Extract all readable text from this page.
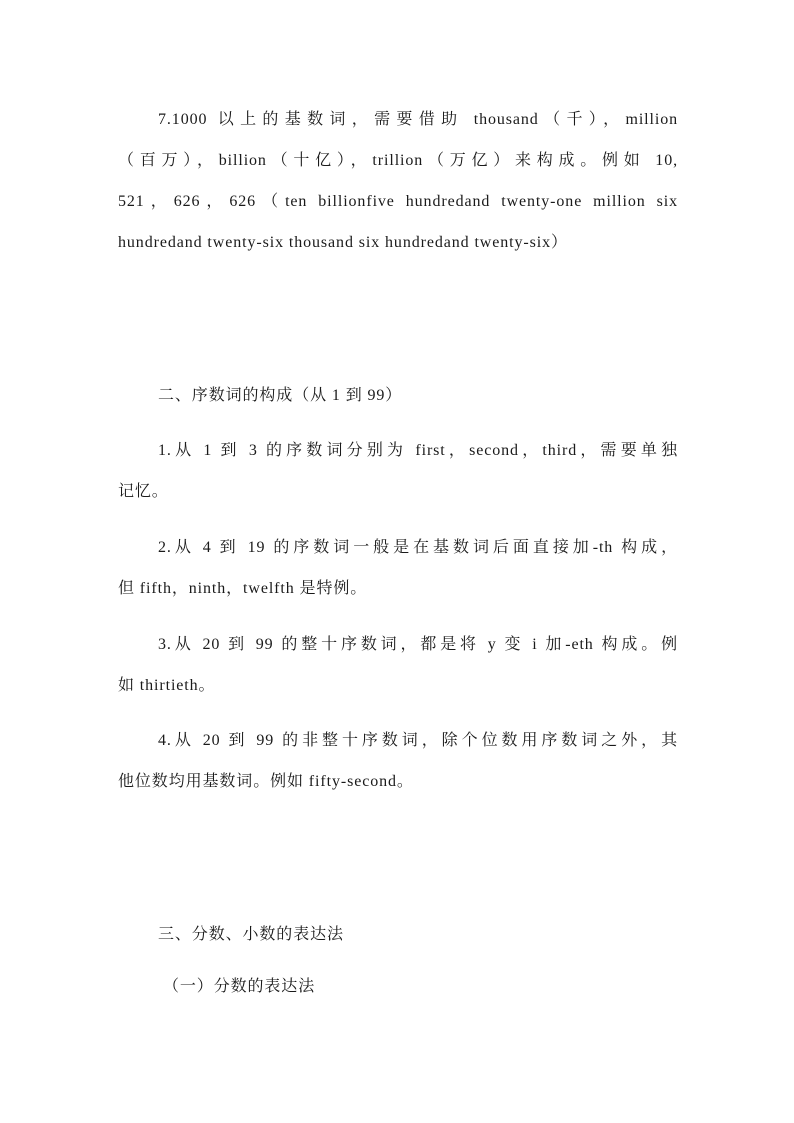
7.1000 以上的基数词，需要借助 thousand（千），million
（百万），billion（十亿），trillion（万亿）来构成。例如 10,
521，626，626（ten billionfive hundredand twenty-one million six
hundredand twenty-six thousand six hundredand twenty-six）
二、序数词的构成（从 1 到 99）
1.从 1 到 3 的序数词分别为 first，second，third，需要单独
记忆。
2.从 4 到 19 的序数词一般是在基数词后面直接加-th 构成，
但 fifth，ninth，twelfth 是特例。
3.从 20 到 99 的整十序数词，都是将 y 变 i 加-eth 构成。例
如 thirtieth。
4.从 20 到 99 的非整十序数词，除个位数用序数词之外，其
他位数均用基数词。例如 fifty-second。
三、分数、小数的表达法
（一）分数的表达法
